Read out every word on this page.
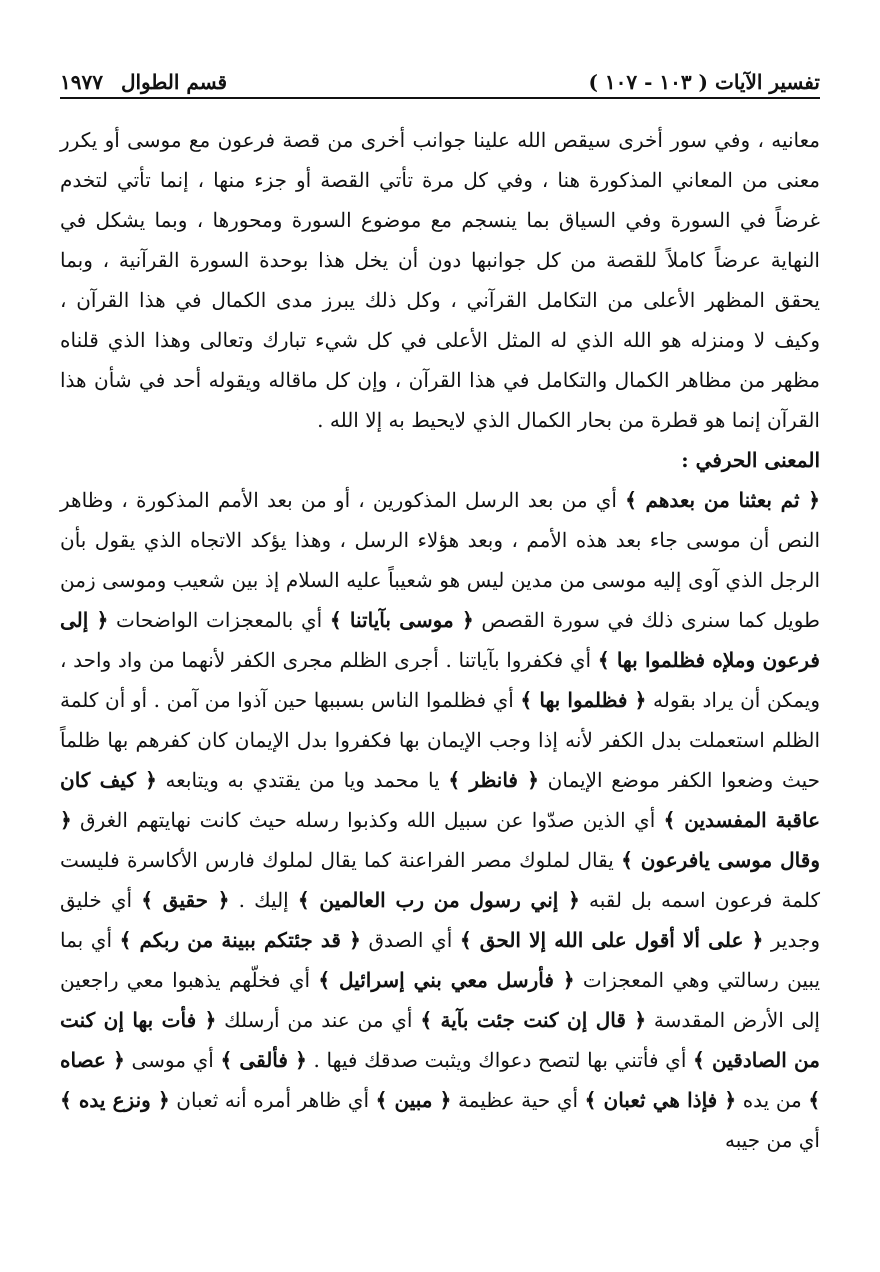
تفسير الآيات ( ١٠٣ - ١٠٧ )
قسم الطوال
١٩٧٧

معانيه ، وفي سور أخرى سيقص الله علينا جوانب أخرى من قصة فرعون مع موسى أو يكرر معنى من المعاني المذكورة هنا ، وفي كل مرة تأتي القصة أو جزء منها ، إنما تأتي لتخدم غرضاً في السورة وفي السياق بما ينسجم مع موضوع السورة ومحورها ، وبما يشكل في النهاية عرضاً كاملاً للقصة من كل جوانبها دون أن يخل هذا بوحدة السورة القرآنية ، وبما يحقق المظهر الأعلى من التكامل القرآني ، وكل ذلك يبرز مدى الكمال في هذا القرآن ، وكيف لا ومنزله هو الله الذي له المثل الأعلى في كل شيء تبارك وتعالى وهذا الذي قلناه مظهر من مظاهر الكمال والتكامل في هذا القرآن ، وإن كل ماقاله ويقوله أحد في شأن هذا القرآن إنما هو قطرة من بحار الكمال الذي لايحيط به إلا الله .

المعنى الحرفي :

﴿ ثم بعثنا من بعدهم ﴾ أي من بعد الرسل المذكورين ، أو من بعد الأمم المذكورة ، وظاهر النص أن موسى جاء بعد هذه الأمم ، وبعد هؤلاء الرسل ، وهذا يؤكد الاتجاه الذي يقول بأن الرجل الذي آوى إليه موسى من مدين ليس هو شعيباً عليه السلام إذ بين شعيب وموسى زمن طويل كما سنرى ذلك في سورة القصص ﴿ موسى بآياتنا ﴾ أي بالمعجزات الواضحات ﴿ إلى فرعون وملإه فظلموا بها ﴾ أي فكفروا بآياتنا . أجرى الظلم مجرى الكفر لأنهما من واد واحد ، ويمكن أن يراد بقوله ﴿ فظلموا بها ﴾ أي فظلموا الناس بسببها حين آذوا من آمن . أو أن كلمة الظلم استعملت بدل الكفر لأنه إذا وجب الإيمان بها فكفروا بدل الإيمان كان كفرهم بها ظلماً حيث وضعوا الكفر موضع الإيمان ﴿ فانظر ﴾ يا محمد ويا من يقتدي به ويتابعه ﴿ كيف كان عاقبة المفسدين ﴾ أي الذين صدّوا عن سبيل الله وكذبوا رسله حيث كانت نهايتهم الغرق ﴿ وقال موسى يافرعون ﴾ يقال لملوك مصر الفراعنة كما يقال لملوك فارس الأكاسرة فليست كلمة فرعون اسمه بل لقبه ﴿ إني رسول من رب العالمين ﴾ إليك . ﴿ حقيق ﴾ أي خليق وجدير ﴿ على ألا أقول على الله إلا الحق ﴾ أي الصدق ﴿ قد جئتكم ببينة من ربكم ﴾ أي بما يبين رسالتي وهي المعجزات ﴿ فأرسل معي بني إسرائيل ﴾ أي فخلّهم يذهبوا معي راجعين إلى الأرض المقدسة ﴿ قال إن كنت جئت بآية ﴾ أي من عند من أرسلك ﴿ فأت بها إن كنت من الصادقين ﴾ أي فأتني بها لتصح دعواك ويثبت صدقك فيها . ﴿ فألقى ﴾ أي موسى ﴿ عصاه ﴾ من يده ﴿ فإذا هي ثعبان ﴾ أي حية عظيمة ﴿ مبين ﴾ أي ظاهر أمره أنه ثعبان ﴿ ونزع يده ﴾ أي من جيبه
